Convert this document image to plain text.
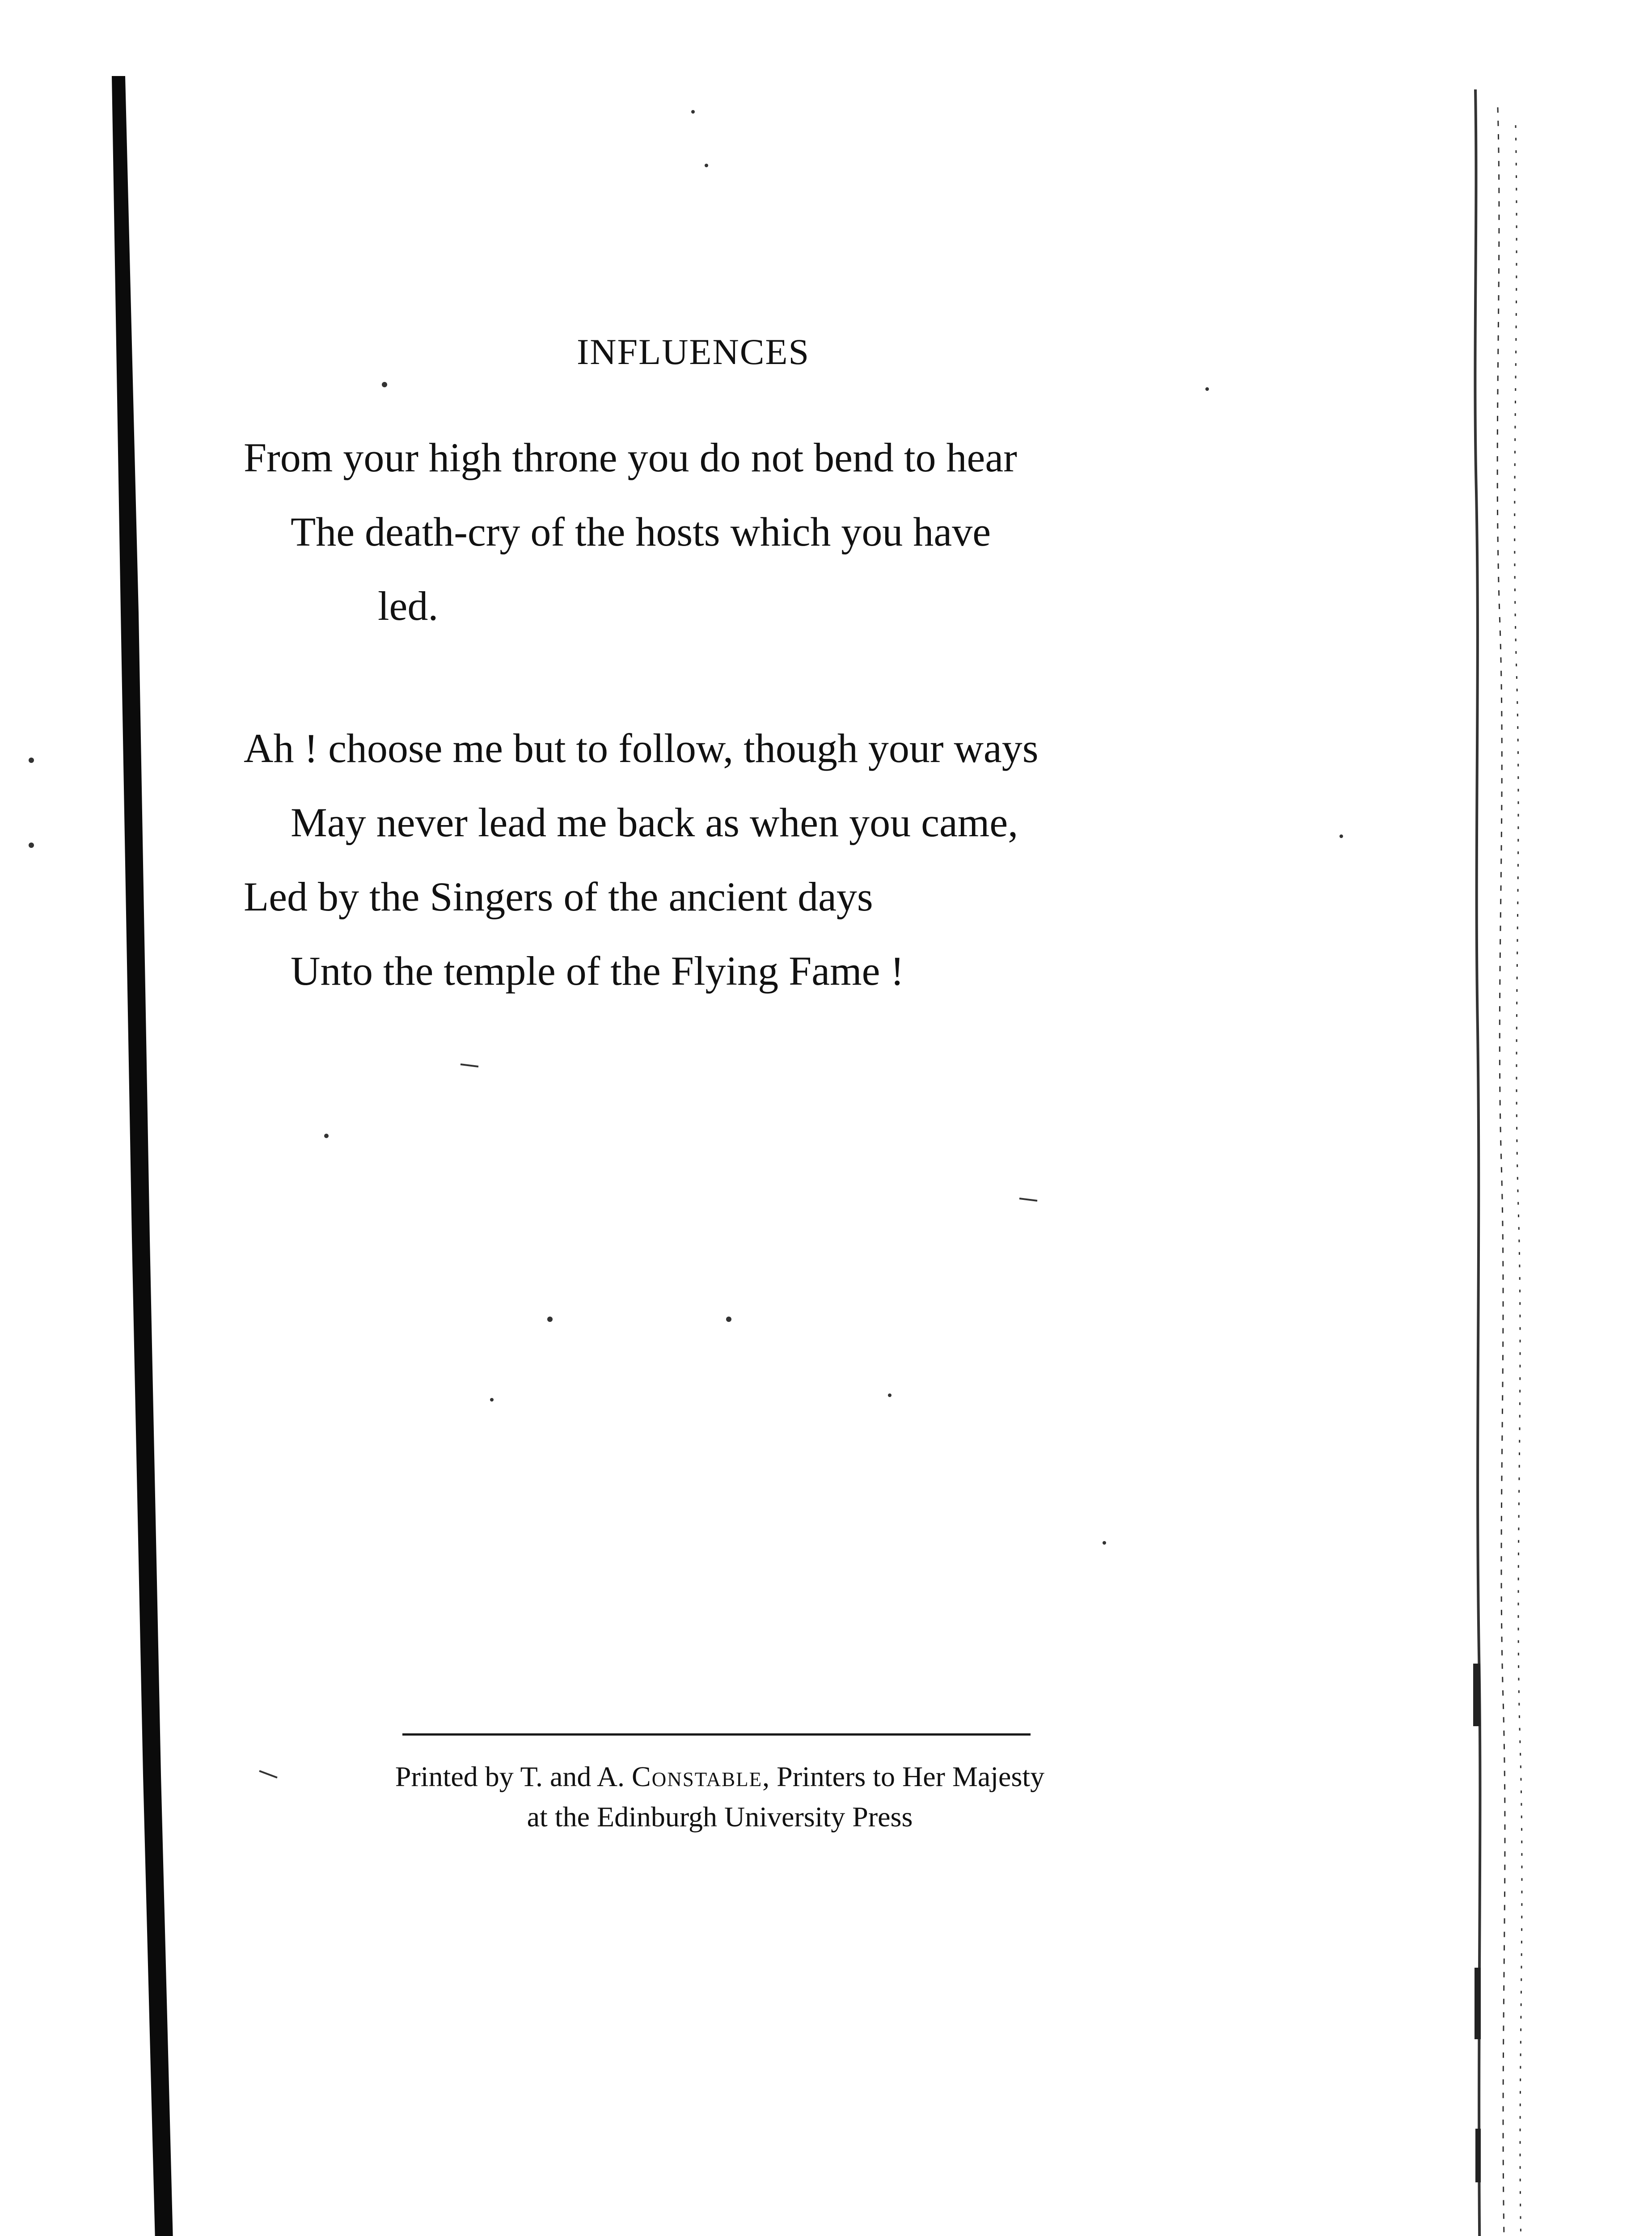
INFLUENCES
From your high throne you do not bend to hear
The death-cry of the hosts which you have
led.
Ah ! choose me but to follow, though your ways
May never lead me back as when you came,
Led by the Singers of the ancient days
Unto the temple of the Flying Fame !
Printed by T. and A. Constable, Printers to Her Majesty
at the Edinburgh University Press
